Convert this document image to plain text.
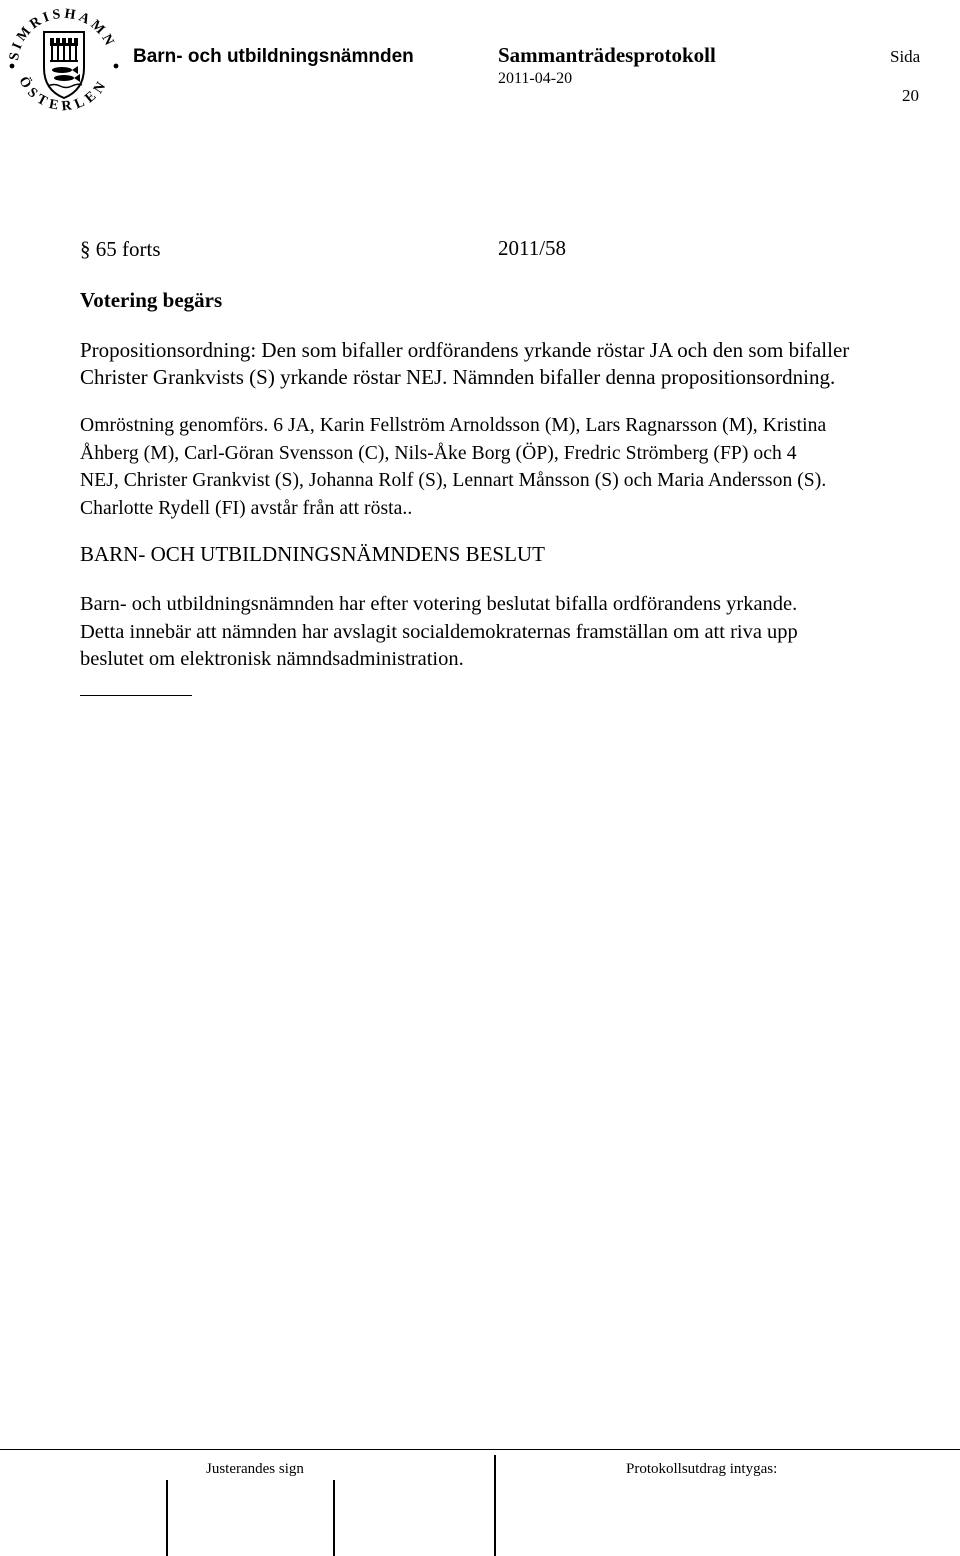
SIMRISHAMN
ÖSTERLEN
Barn- och utbildningsnämnden	Sammanträdesprotokoll
2011-04-20
Sida
20
§ 65 forts	2011/58
Votering begärs
Propositionsordning: Den som bifaller ordförandens yrkande röstar JA och den som bifaller
Christer Grankvists (S) yrkande röstar NEJ. Nämnden bifaller denna propositionsordning.
Omröstning genomförs. 6 JA, Karin Fellström Arnoldsson (M), Lars Ragnarsson (M), Kristina
Åhberg (M), Carl-Göran Svensson (C), Nils-Åke Borg (ÖP), Fredric Strömberg (FP) och 4
NEJ, Christer Grankvist (S), Johanna Rolf (S), Lennart Månsson (S) och Maria Andersson (S).
Charlotte Rydell (FI) avstår från att rösta..
BARN- OCH UTBILDNINGSNÄMNDENS BESLUT
Barn- och utbildningsnämnden har efter votering beslutat bifalla ordförandens yrkande.
Detta innebär att nämnden har avslagit socialdemokraternas framställan om att riva upp
beslutet om elektronisk nämndsadministration.
Justerandes sign	Protokollsutdrag intygas:
